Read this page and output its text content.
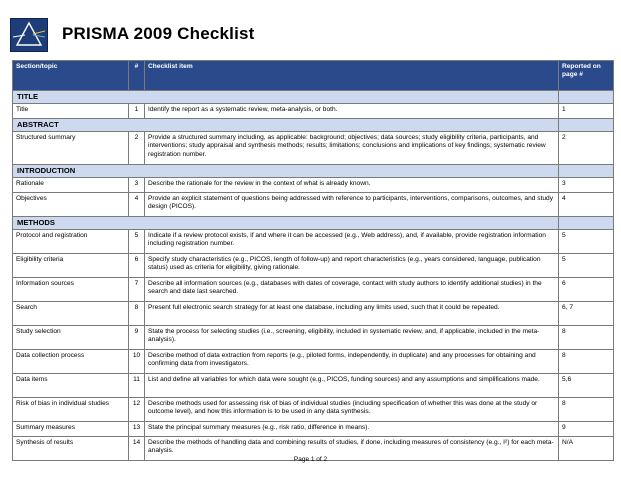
PRISMA 2009 Checklist
Section/topic	#	Checklist item	Reported on page #
TITLE			
Title	1	Identify the report as a systematic review, meta-analysis, or both.	1
ABSTRACT			
Structured summary	2	Provide a structured summary including, as applicable: background; objectives; data sources; study eligibility criteria, participants, and interventions; study appraisal and synthesis methods; results; limitations; conclusions and implications of key findings; systematic review registration number.	2
INTRODUCTION			
Rationale	3	Describe the rationale for the review in the context of what is already known.	3
Objectives	4	Provide an explicit statement of questions being addressed with reference to participants, interventions, comparisons, outcomes, and study design (PICOS).	4
METHODS			
Protocol and registration	5	Indicate if a review protocol exists, if and where it can be accessed (e.g., Web address), and, if available, provide registration information including registration number.	5
Eligibility criteria	6	Specify study characteristics (e.g., PICOS, length of follow-up) and report characteristics (e.g., years considered, language, publication status) used as criteria for eligibility, giving rationale.	5
Information sources	7	Describe all information sources (e.g., databases with dates of coverage, contact with study authors to identify additional studies) in the search and date last searched.	6
Search	8	Present full electronic search strategy for at least one database, including any limits used, such that it could be repeated.	6, 7
Study selection	9	State the process for selecting studies (i.e., screening, eligibility, included in systematic review, and, if applicable, included in the meta-analysis).	8
Data collection process	10	Describe method of data extraction from reports (e.g., piloted forms, independently, in duplicate) and any processes for obtaining and confirming data from investigators.	8
Data items	11	List and define all variables for which data were sought (e.g., PICOS, funding sources) and any assumptions and simplifications made.	5,6
Risk of bias in individual studies	12	Describe methods used for assessing risk of bias of individual studies (including specification of whether this was done at the study or outcome level), and how this information is to be used in any data synthesis.	8
Summary measures	13	State the principal summary measures (e.g., risk ratio, difference in means).	9
Synthesis of results	14	Describe the methods of handling data and combining results of studies, if done, including measures of consistency (e.g., I²) for each meta-analysis.	N/A
Page 1 of 2
